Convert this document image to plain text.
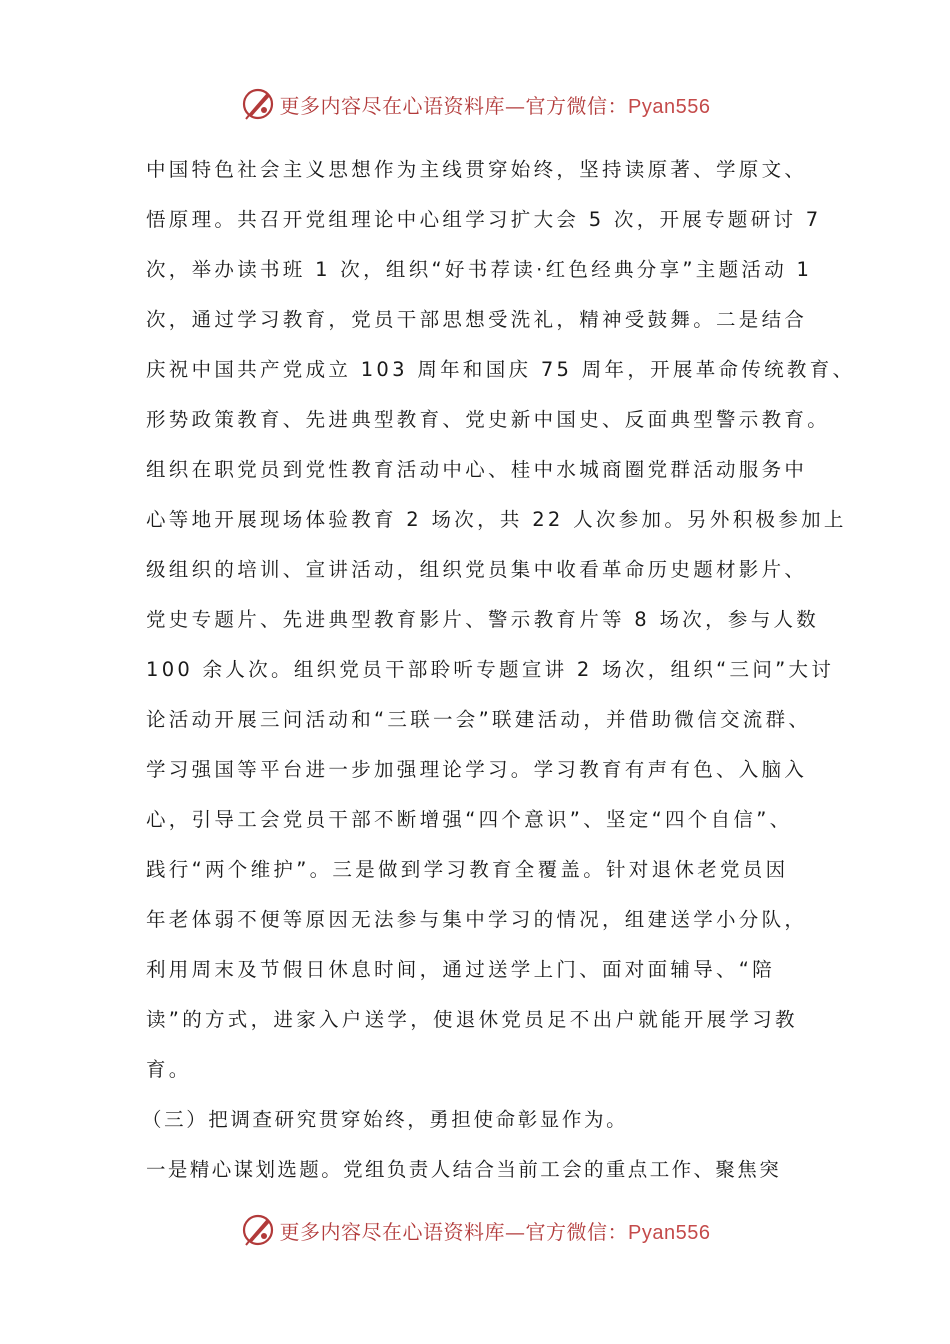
更多内容尽在心语资料库—官方微信：Pyan556
中国特色社会主义思想作为主线贯穿始终，坚持读原著、学原文、
悟原理。共召开党组理论中心组学习扩大会 5 次，开展专题研讨 7
次，举办读书班 1 次，组织“好书荐读·红色经典分享”主题活动 1
次，通过学习教育，党员干部思想受洗礼，精神受鼓舞。二是结合
庆祝中国共产党成立 103 周年和国庆 75 周年，开展革命传统教育、
形势政策教育、先进典型教育、党史新中国史、反面典型警示教育。
组织在职党员到党性教育活动中心、桂中水城商圈党群活动服务中
心等地开展现场体验教育 2 场次，共 22 人次参加。另外积极参加上
级组织的培训、宣讲活动，组织党员集中收看革命历史题材影片、
党史专题片、先进典型教育影片、警示教育片等 8 场次，参与人数
100 余人次。组织党员干部聆听专题宣讲 2 场次，组织“三问”大讨
论活动开展三问活动和“三联一会”联建活动，并借助微信交流群、
学习强国等平台进一步加强理论学习。学习教育有声有色、入脑入
心，引导工会党员干部不断增强“四个意识”、坚定“四个自信”、
践行“两个维护”。三是做到学习教育全覆盖。针对退休老党员因
年老体弱不便等原因无法参与集中学习的情况，组建送学小分队，
利用周末及节假日休息时间，通过送学上门、面对面辅导、“陪
读”的方式，进家入户送学，使退休党员足不出户就能开展学习教
育。
（三）把调查研究贯穿始终，勇担使命彰显作为。
一是精心谋划选题。党组负责人结合当前工会的重点工作、聚焦突
更多内容尽在心语资料库—官方微信：Pyan556
